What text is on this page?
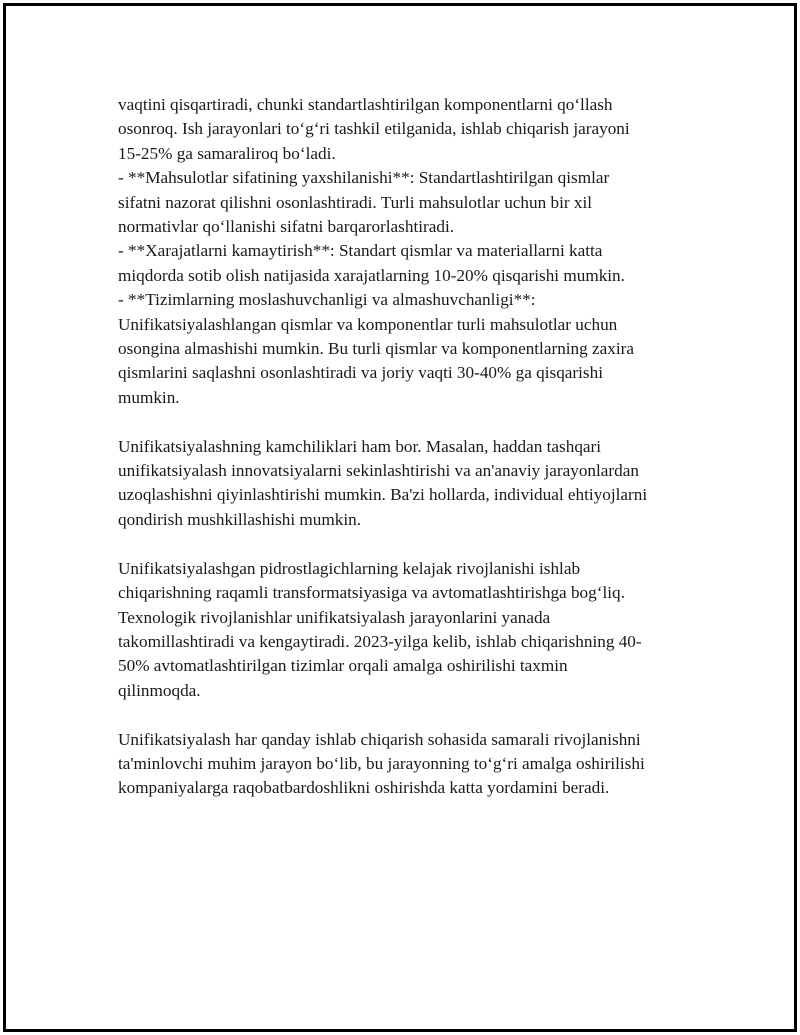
vaqtini qisqartiradi, chunki standartlashtirilgan komponentlarni qo‘llash
osonroq. Ish jarayonlari to‘g‘ri tashkil etilganida, ishlab chiqarish jarayoni
15-25% ga samaraliroq bo‘ladi.
- **Mahsulotlar sifatining yaxshilanishi**: Standartlashtirilgan qismlar
sifatni nazorat qilishni osonlashtiradi. Turli mahsulotlar uchun bir xil
normativlar qo‘llanishi sifatni barqarorlashtiradi.
- **Xarajatlarni kamaytirish**: Standart qismlar va materiallarni katta
miqdorda sotib olish natijasida xarajatlarning 10-20% qisqarishi mumkin.
- **Tizimlarning moslashuvchanligi va almashuvchanligi**:
Unifikatsiyalashlangan qismlar va komponentlar turli mahsulotlar uchun
osongina almashishi mumkin. Bu turli qismlar va komponentlarning zaxira
qismlarini saqlashni osonlashtiradi va joriy vaqti 30-40% ga qisqarishi
mumkin.
Unifikatsiyalashning kamchiliklari ham bor. Masalan, haddan tashqari
unifikatsiyalash innovatsiyalarni sekinlashtirishi va an'anaviy jarayonlardan
uzoqlashishni qiyinlashtirishi mumkin. Ba'zi hollarda, individual ehtiyojlarni
qondirish mushkillashishi mumkin.
Unifikatsiyalashgan pidrostlagichlarning kelajak rivojlanishi ishlab
chiqarishning raqamli transformatsiyasiga va avtomatlashtirishga bog‘liq.
Texnologik rivojlanishlar unifikatsiyalash jarayonlarini yanada
takomillashtiradi va kengaytiradi. 2023-yilga kelib, ishlab chiqarishning 40-
50% avtomatlashtirilgan tizimlar orqali amalga oshirilishi taxmin
qilinmoqda.
Unifikatsiyalash har qanday ishlab chiqarish sohasida samarali rivojlanishni
ta'minlovchi muhim jarayon bo‘lib, bu jarayonning to‘g‘ri amalga oshirilishi
kompaniyalarga raqobatbardoshlikni oshirishda katta yordamini beradi.
